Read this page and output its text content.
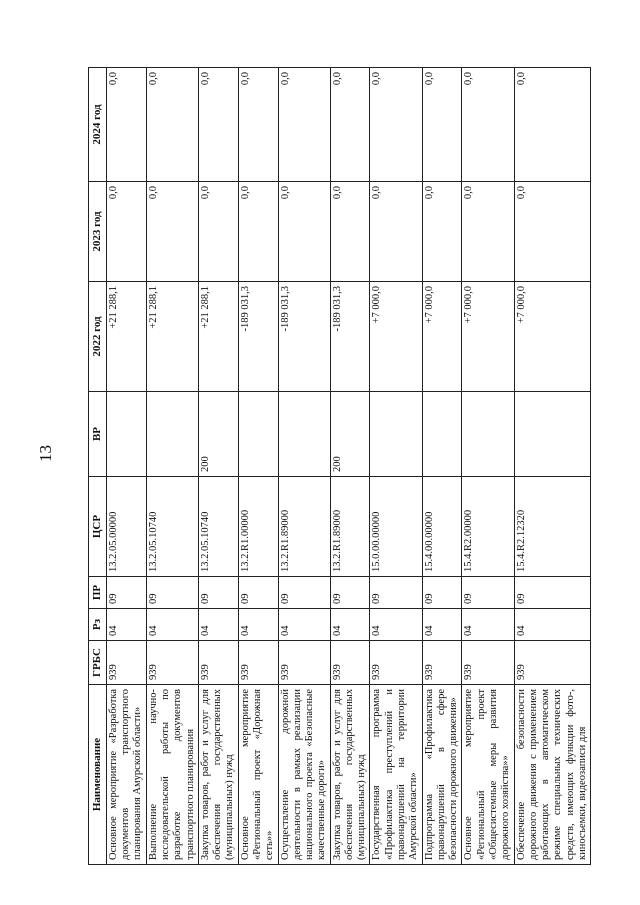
13
Наименование	ГРБС	Рз	ПР	ЦСР	ВР	2022 год	2023 год	2024 год
Основное мероприятие «Разработка документов транспортного планирования Амурской области»	939	04	09	13.2.05.00000		+21 288,1	0,0	0,0
Выполнение научно-исследовательской работы по разработке документов транспортного планирования	939	04	09	13.2.05.10740		+21 288,1	0,0	0,0
Закупка товаров, работ и услуг для обеспечения государственных (муниципальных) нужд	939	04	09	13.2.05.10740	200	+21 288,1	0,0	0,0
Основное мероприятие «Региональный проект «Дорожная сеть»»	939	04	09	13.2.R1.00000		-189 031,3	0,0	0,0
Осуществление дорожной деятельности в рамках реализации национального проекта «Безопасные качественные дороги»	939	04	09	13.2.R1.89000		-189 031,3	0,0	0,0
Закупка товаров, работ и услуг для обеспечения государственных (муниципальных) нужд	939	04	09	13.2.R1.89000	200	-189 031,3	0,0	0,0
Государственная программа «Профилактика преступлений и правонарушений на территории Амурской области»	939	04	09	15.0.00.00000		+7 000,0	0,0	0,0
Подпрограмма «Профилактика правонарушений в сфере безопасности дорожного движения»	939	04	09	15.4.00.00000		+7 000,0	0,0	0,0
Основное мероприятие «Региональный проект «Общесистемные меры развития дорожного хозяйства»»	939	04	09	15.4.R2.00000		+7 000,0	0,0	0,0
Обеспечение безопасности дорожного движения с применением работающих в автоматическом режиме специальных технических средств, имеющих функции фото-, киносъемки, видеозаписи для	939	04	09	15.4.R2.12320		+7 000,0	0,0	0,0
